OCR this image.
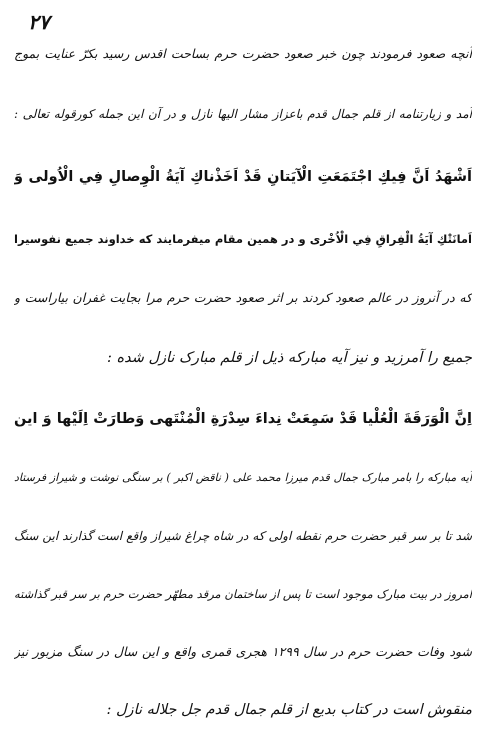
۲۷
آنچه صعود فرمودند چون خبر صعود حضرت حرم بساحت اقدس رسید بکرّ عنایت بموج
آمد و زیارتنامه از قلم جمال قدم باعزاز مشار الیها نازل و در آن این جمله کورقوله تعالی :
اَشْهَدُ اَنَّ فِيكِ اجْتَمَعَتِ الْآيَتانِ قَدْ اَخَذْناكِ آيَةُ الْوِصالِ فِي الْاُولى وَ
اَمانَتْكِ آيَةُ الْفِراقِ فِي الْاُخْرى و در همین مقام میفرمایند که خداوند جمیع نفوسیرا
که در آنروز در عالم صعود کردند بر اثر صعود حضرت حرم مرا بجایت غفران بیاراست و
جمیع را آمرزید و نیز آیه مبارکه ذیل از قلم مبارک نازل شده :
اِنَّ الْوَرَقَةَ الْعُلْيا قَدْ سَمِعَتْ نِداءَ سِدْرَةِ الْمُنْتَهى وَطارَتْ اِلَيْها وَ این
آیه مبارکه را بامر مبارک جمال قدم میرزا محمد علی ( ناقض اکبر ) بر سنگی نوشت و شیراز فرستاد
شد تا بر سر قبر حضرت حرم نقطه اولی که در شاه چراغ شیراز واقع است گذارند این سنگ
امروز در بیت مبارک موجود است تا پس از ساختمان مرقد مطهّر حضرت حرم بر سر قبر گذاشته
شود وفات حضرت حرم در سال ۱۲۹۹ هجری قمری واقع و این سال در سنگ مزبور نیز
منقوش است در کتاب بدیع از قلم جمال قدم جل جلاله نازل :
